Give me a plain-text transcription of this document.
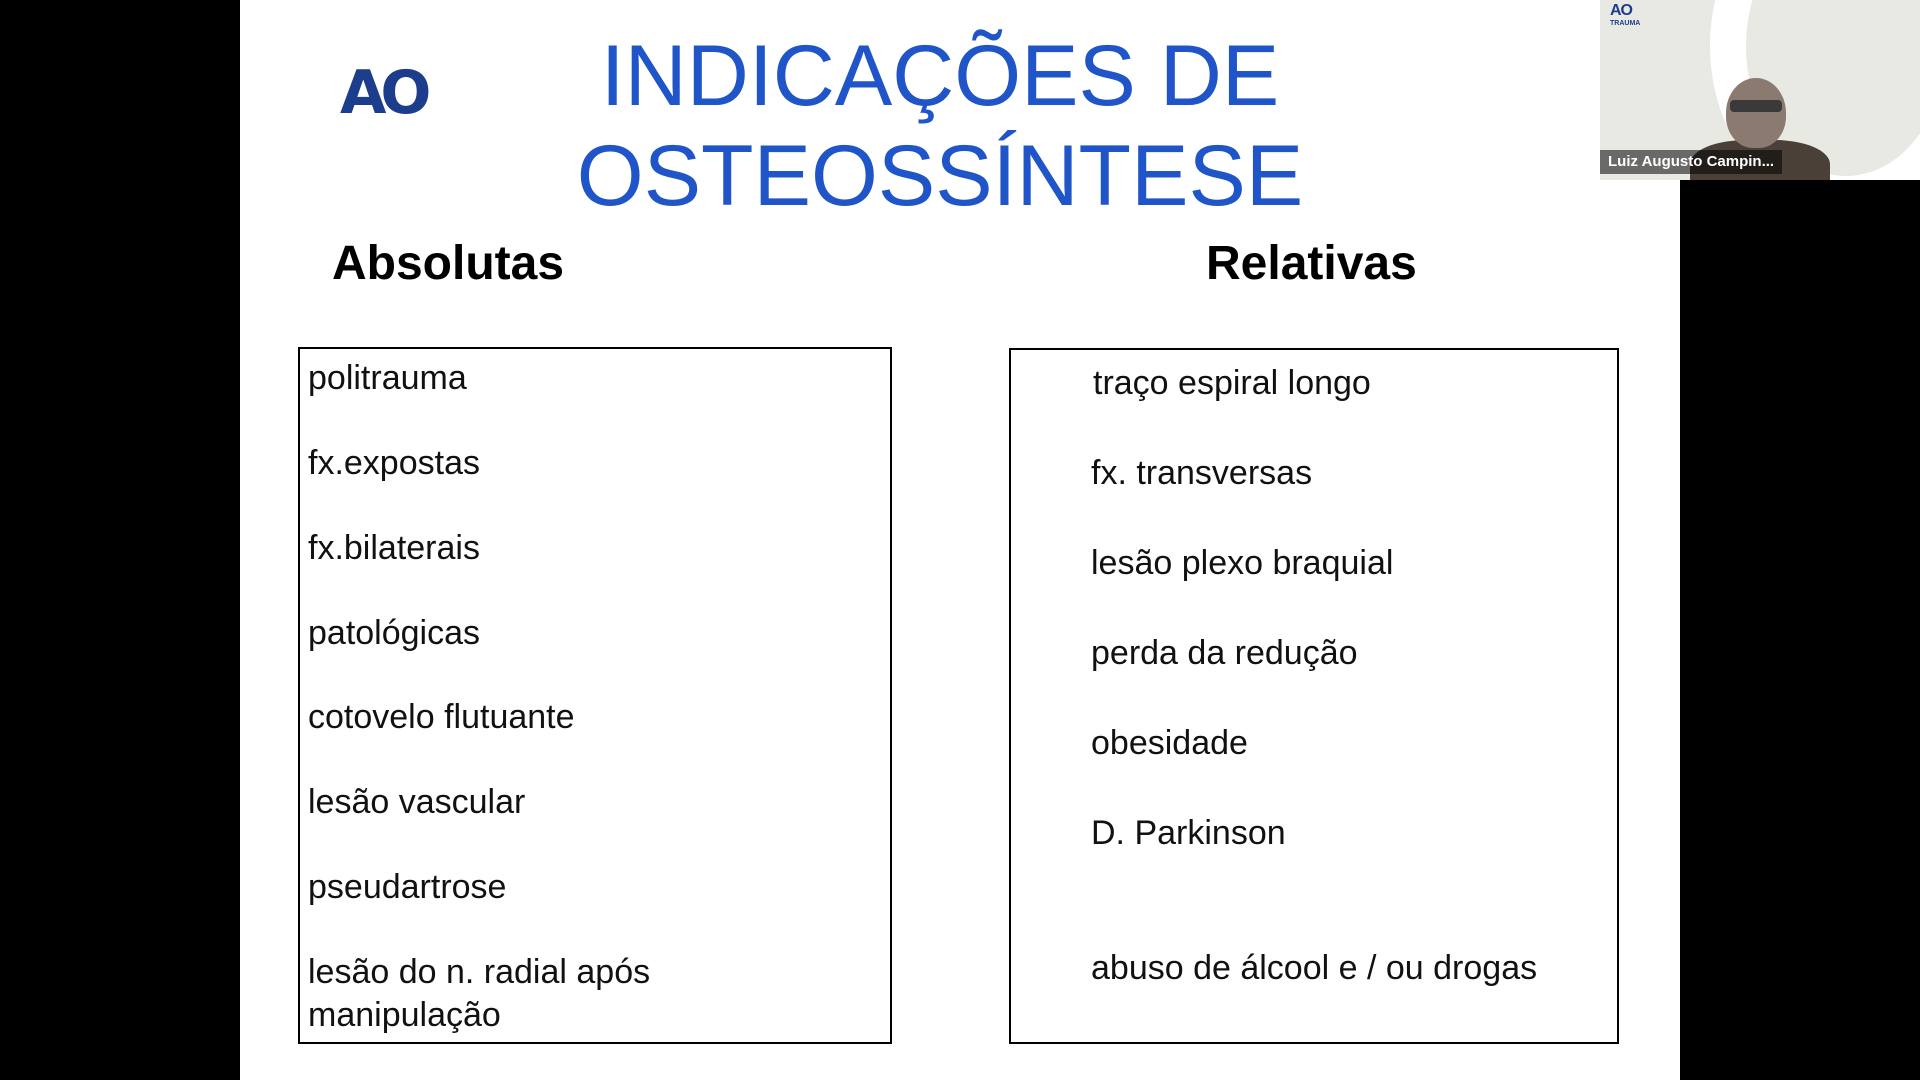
AO	INDICAÇÕES DE
OSTEOSSÍNTESE
Absolutas	Relativas
politrauma
fx.expostas
fx.bilaterais
patológicas
cotovelo flutuante
lesão vascular
pseudartrose
lesão do n. radial após
manipulação
traço espiral longo
fx. transversas
lesão plexo braquial
perda da redução
obesidade
D. Parkinson
abuso de álcool e / ou drogas
AO
TRAUMA
Luiz Augusto Campin...
